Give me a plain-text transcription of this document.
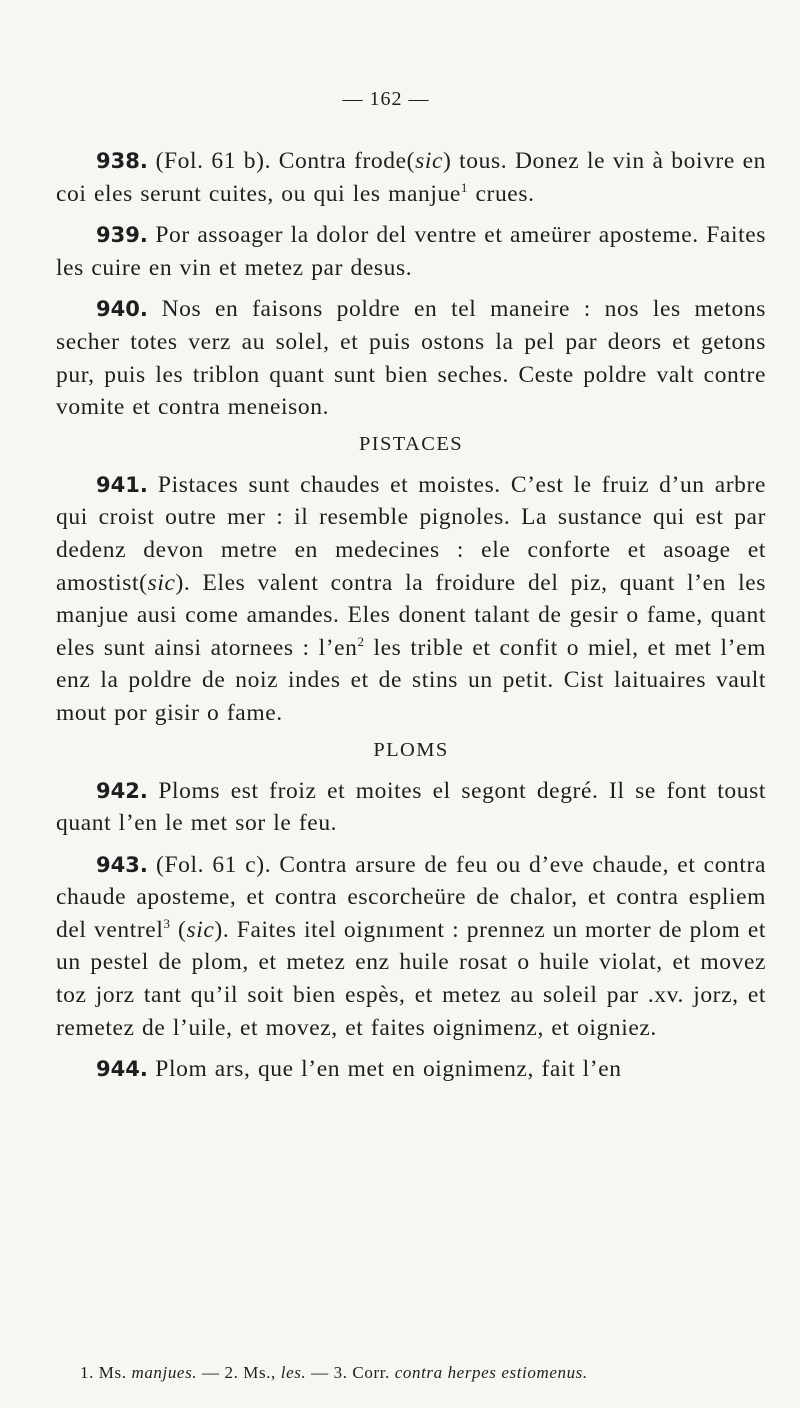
— 162 —

938. (Fol. 61 b). Contra frode(sic) tous. Donez le vin à boivre en coi eles serunt cuites, ou qui les manjue$^1$ crues.

939. Por assoager la dolor del ventre et ameürer aposteme. Faites les cuire en vin et metez par desus.

940. Nos en faisons poldre en tel maneire : nos les metons secher totes verz au solel, et puis ostons la pel par deors et getons pur, puis les triblon quant sunt bien seches. Ceste poldre valt contre vomite et contra meneison.

PISTACES

941. Pistaces sunt chaudes et moistes. C’est le fruiz d’un arbre qui croist outre mer : il resemble pignoles. La sustance qui est par dedenz devon metre en medecines : ele conforte et asoage et amostist(sic). Eles valent contra la froidure del piz, quant l’en les manjue ausi come amandes. Eles donent talant de gesir o fame, quant eles sunt ainsi atornees : $l’en^2$ les trible et confit o miel, et met l’em enz la poldre de noiz indes et de stins un petit. Cist laituaires vault mout por gisir o fame.

PLOMS

942. Ploms est froiz et moites el segont degré. Il se font toust quant l’en le met sor le feu.

943. (Fol. 61 c). Contra arsure de feu ou d’eve chaude, et contra chaude aposteme, et contra escorcheüre de chalor, et contra espliem del ventrel$^3$ (sic). Faites itel oignıment : prennez un morter de plom et un pestel de plom, et metez enz huile rosat o huile violat, et movez toz jorz tant qu’il soit bien espès, et metez au soleil par .xv. jorz, et remetez de l’uile, et movez, et faites oignimenz, et oigniez.

944. Plom ars, que l’en met en oignimenz, fait l’en

1. Ms. manjues. — 2. Ms., les. — 3. Corr. contra herpes estiomenus.
